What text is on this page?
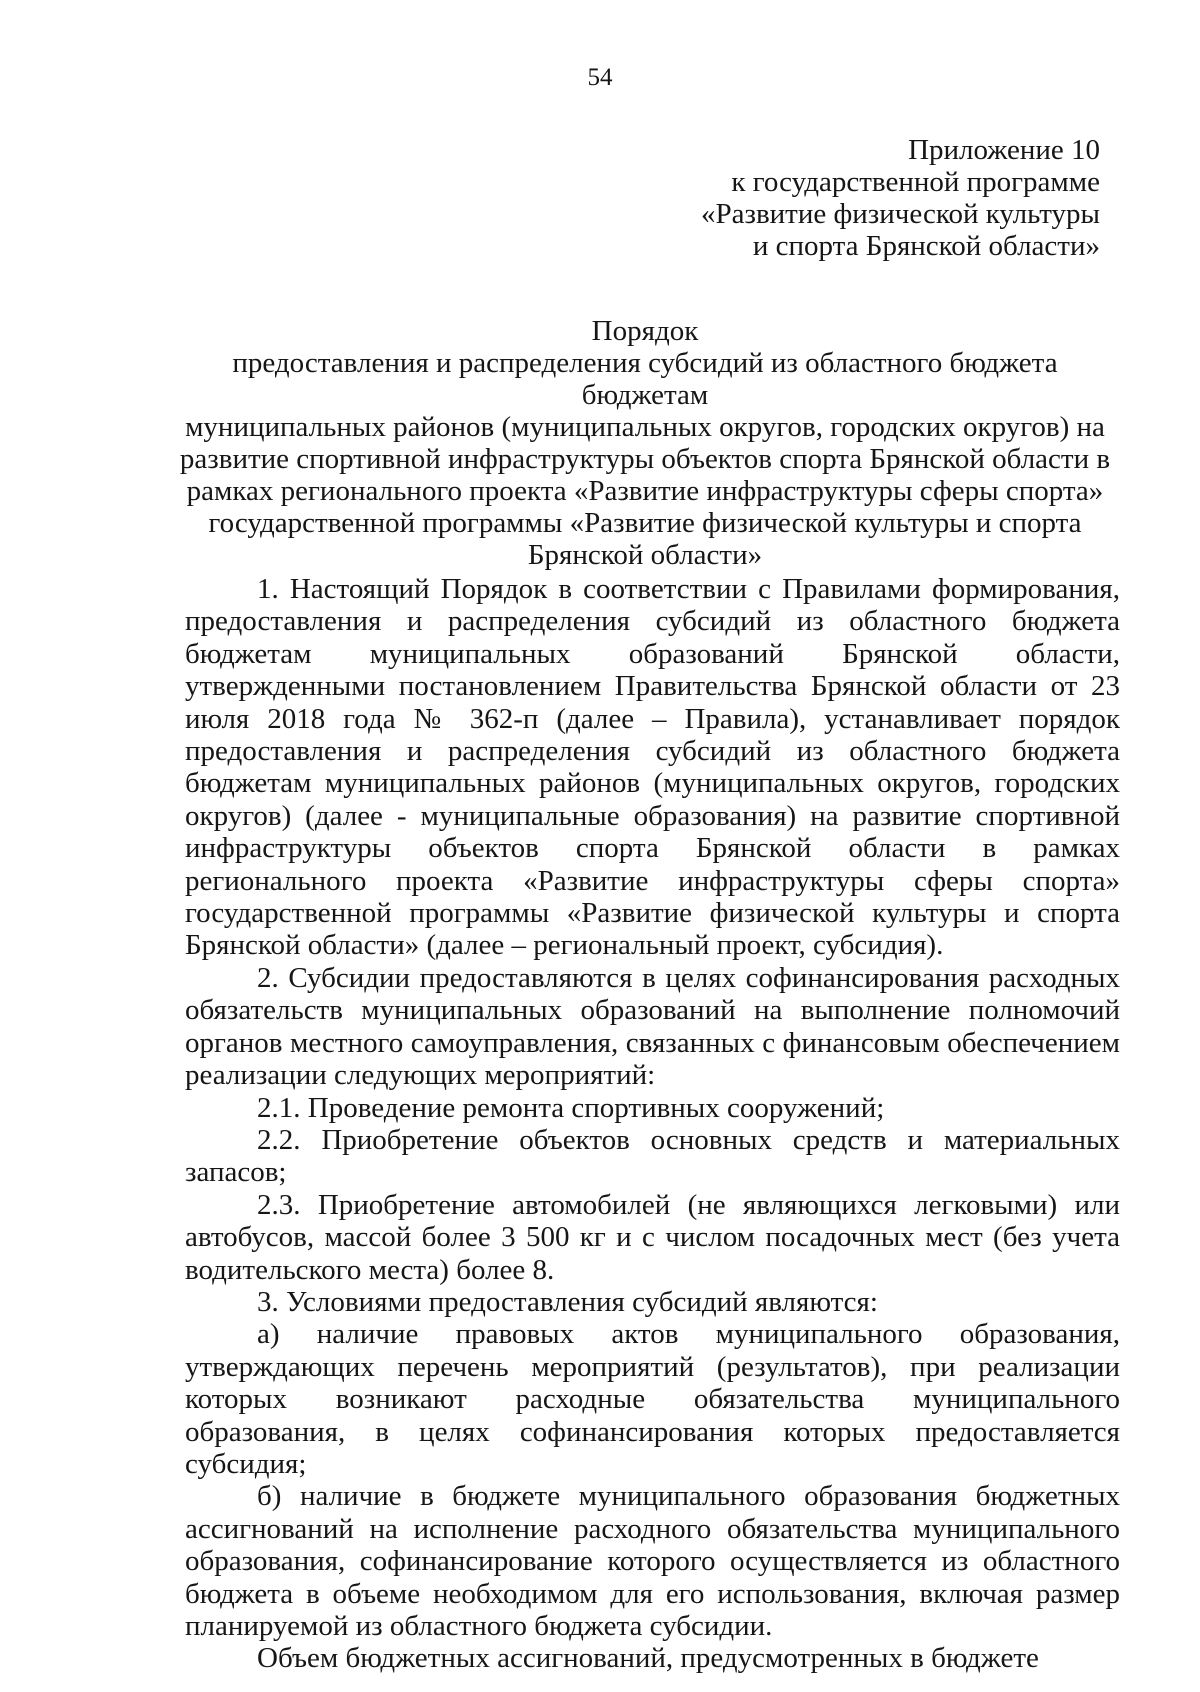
54
Приложение 10
к государственной программе
«Развитие физической культуры
и спорта Брянской области»
Порядок
предоставления и распределения субсидий из областного бюджета бюджетам
муниципальных районов (муниципальных округов, городских округов) на
развитие спортивной инфраструктуры объектов спорта Брянской области в
рамках регионального проекта «Развитие инфраструктуры сферы спорта»
государственной программы «Развитие физической культуры и спорта
Брянской области»

1. Настоящий Порядок в соответствии с Правилами формирования, предоставления и распределения субсидий из областного бюджета бюджетам муниципальных образований Брянской области, утвержденными постановлением Правительства Брянской области от 23 июля 2018 года № 362-п (далее – Правила), устанавливает порядок предоставления и распределения субсидий из областного бюджета бюджетам муниципальных районов (муниципальных округов, городских округов) (далее - муниципальные образования) на развитие спортивной инфраструктуры объектов спорта Брянской области в рамках регионального проекта «Развитие инфраструктуры сферы спорта» государственной программы «Развитие физической культуры и спорта Брянской области» (далее – региональный проект, субсидия).

2. Субсидии предоставляются в целях софинансирования расходных обязательств муниципальных образований на выполнение полномочий органов местного самоуправления, связанных с финансовым обеспечением реализации следующих мероприятий:

2.1. Проведение ремонта спортивных сооружений;

2.2. Приобретение объектов основных средств и материальных запасов;

2.3. Приобретение автомобилей (не являющихся легковыми) или автобусов, массой более 3 500 кг и с числом посадочных мест (без учета водительского места) более 8.

3. Условиями предоставления субсидий являются:

а) наличие правовых актов муниципального образования, утверждающих перечень мероприятий (результатов), при реализации которых возникают расходные обязательства муниципального образования, в целях софинансирования которых предоставляется субсидия;

б) наличие в бюджете муниципального образования бюджетных ассигнований на исполнение расходного обязательства муниципального образования, софинансирование которого осуществляется из областного бюджета в объеме необходимом для его использования, включая размер планируемой из областного бюджета субсидии.

Объем бюджетных ассигнований, предусмотренных в бюджете
